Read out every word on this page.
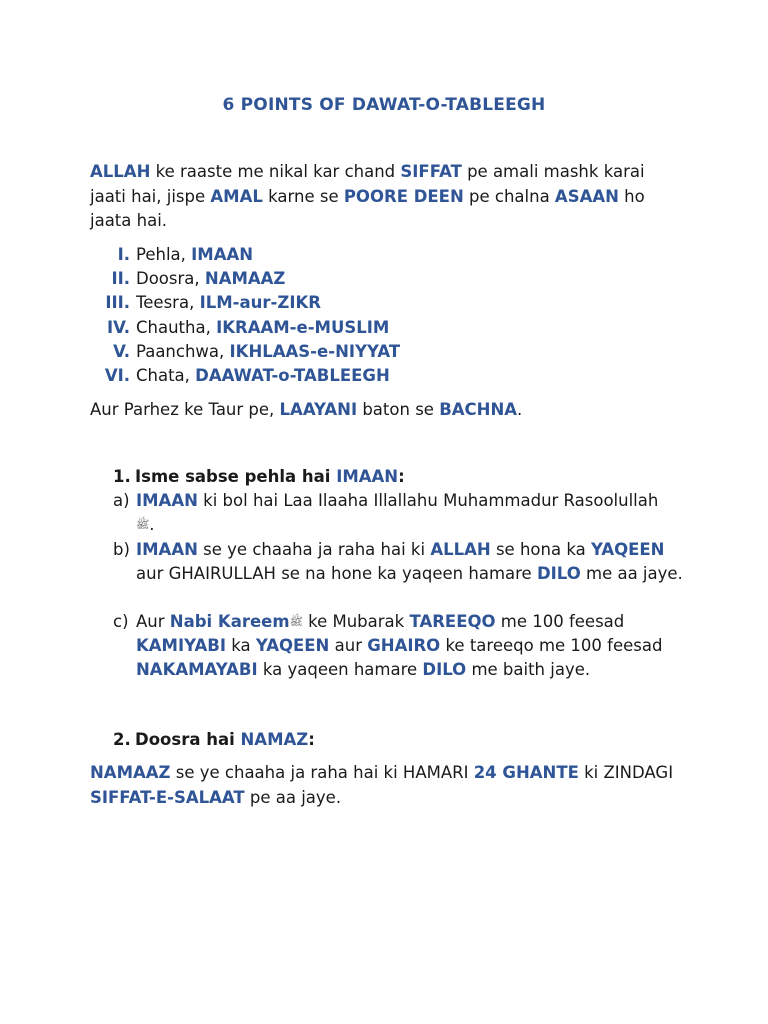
6 POINTS OF DAWAT-O-TABLEEGH
ALLAH ke raaste me nikal kar chand SIFFAT pe amali mashk karai jaati hai, jispe AMAL karne se POORE DEEN pe chalna ASAAN ho jaata hai.
I. Pehla, IMAAN
II. Doosra, NAMAAZ
III. Teesra, ILM-aur-ZIKR
IV. Chautha, IKRAAM-e-MUSLIM
V. Paanchwa, IKHLAAS-e-NIYYAT
VI. Chata, DAAWAT-o-TABLEEGH
Aur Parhez ke Taur pe, LAAYANI baton se BACHNA.
1. Isme sabse pehla hai IMAAN:
a) IMAAN ki bol hai Laa Ilaaha Illallahu Muhammadur Rasoolullah
ﷺ.
b) IMAAN se ye chaaha ja raha hai ki ALLAH se hona ka YAQEEN aur GHAIRULLAH se na hone ka yaqeen hamare DILO me aa jaye.
c) Aur Nabi Kareemﷺ ke Mubarak TAREEQO me 100 feesad KAMIYABI ka YAQEEN aur GHAIRO ke tareeqo me 100 feesad NAKAMAYABI ka yaqeen hamare DILO me baith jaye.
2. Doosra hai NAMAZ:
NAMAAZ se ye chaaha ja raha hai ki HAMARI 24 GHANTE ki ZINDAGI SIFFAT-E-SALAAT pe aa jaye.
